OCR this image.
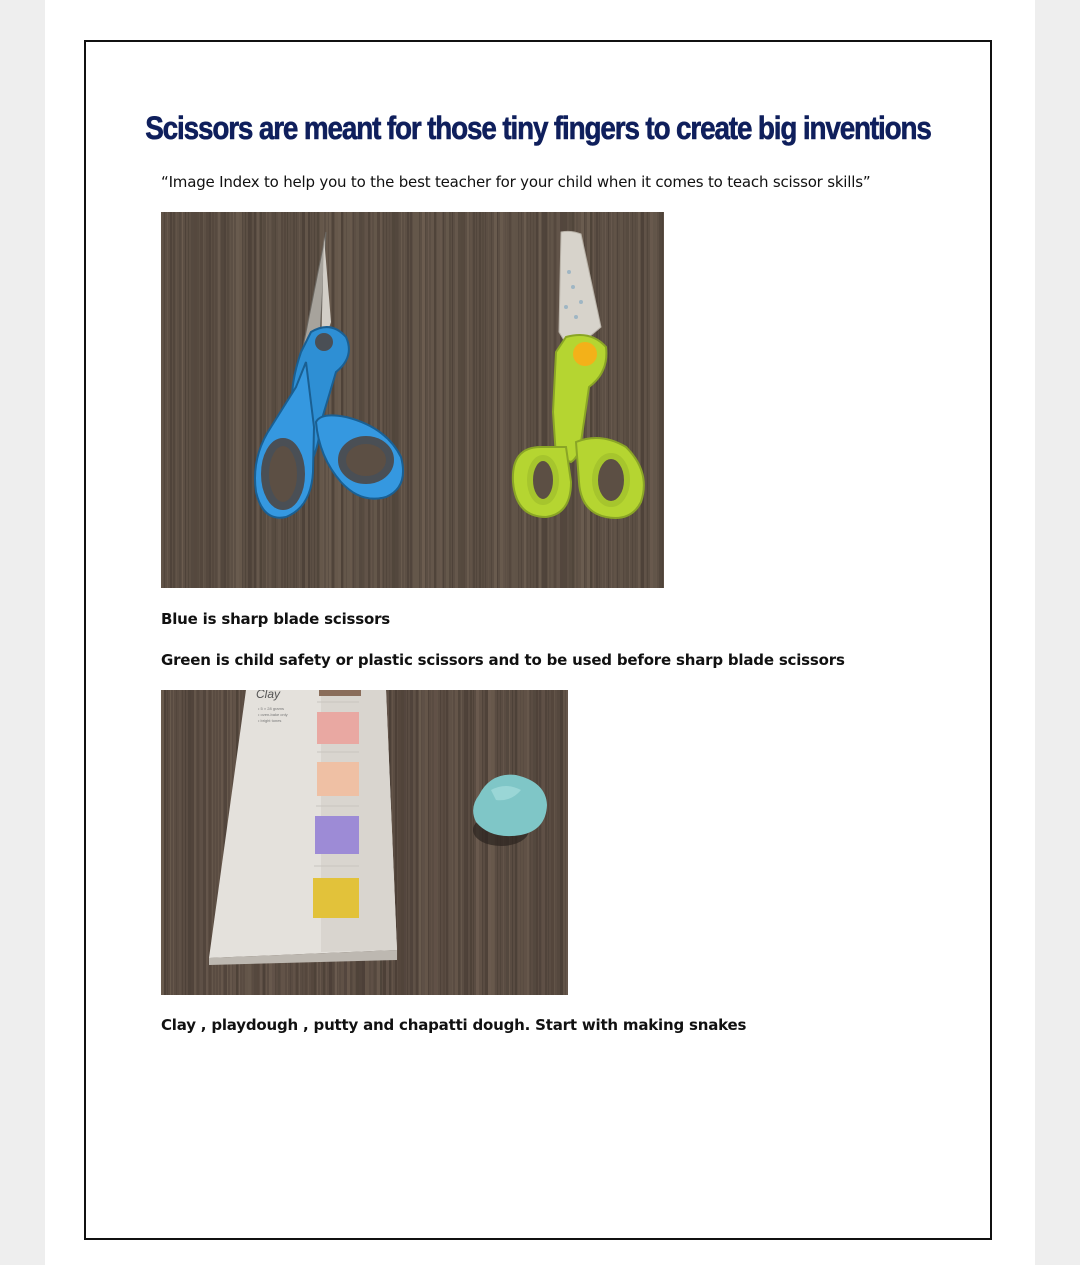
Scissors are meant for those tiny fingers to create big inventions
“Image Index to help you to the best teacher for your child when it comes to teach scissor skills”
Blue is sharp blade scissors
Green is child safety or plastic scissors and to be used before sharp blade scissors
Clay
• 5 × 28 grams
• oven-bake only
• bright tones
Clay , playdough , putty and chapatti dough. Start with making snakes
